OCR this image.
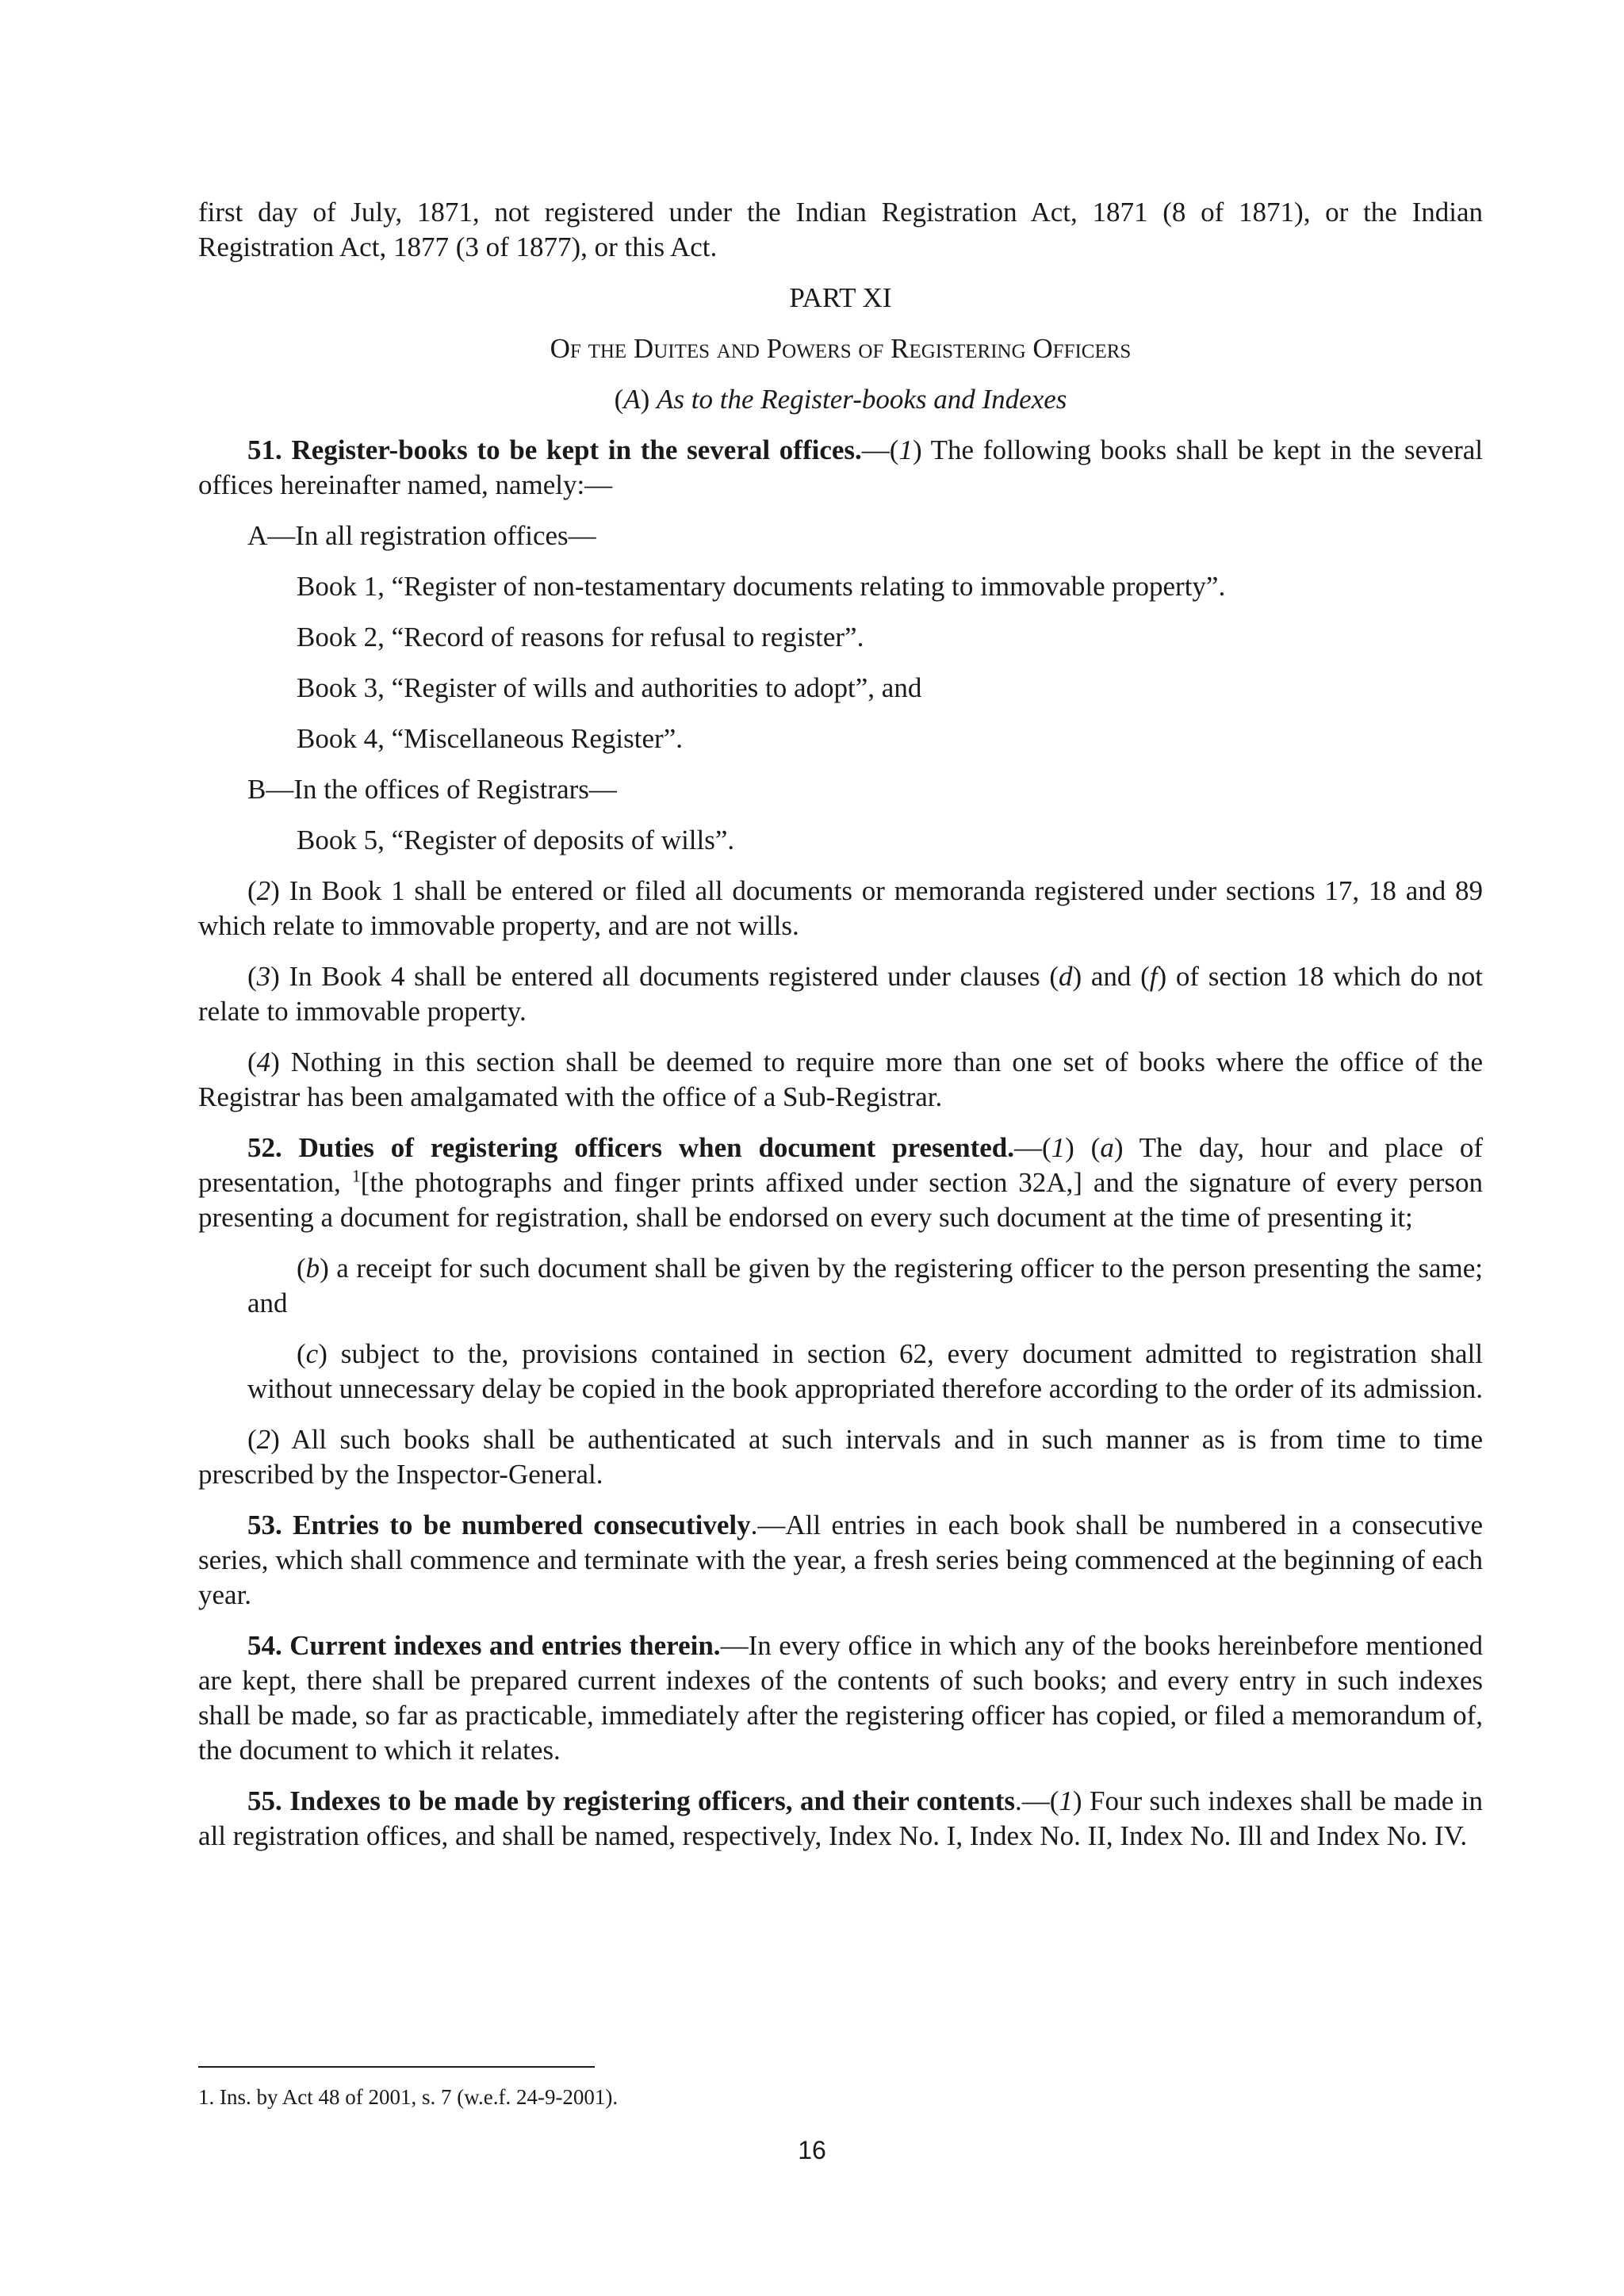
first day of July, 1871, not registered under the Indian Registration Act, 1871 (8 of 1871), or the Indian Registration Act, 1877 (3 of 1877), or this Act.

PART XI

Of the Duites and Powers of Registering Officers

(A) As to the Register-books and Indexes

51. Register-books to be kept in the several offices.—(1) The following books shall be kept in the several offices hereinafter named, namely:—

A—In all registration offices—

Book 1, “Register of non-testamentary documents relating to immovable property”.

Book 2, “Record of reasons for refusal to register”.

Book 3, “Register of wills and authorities to adopt”, and

Book 4, “Miscellaneous Register”.

B—In the offices of Registrars—

Book 5, “Register of deposits of wills”.

(2) In Book 1 shall be entered or filed all documents or memoranda registered under sections 17, 18 and 89 which relate to immovable property, and are not wills.

(3) In Book 4 shall be entered all documents registered under clauses (d) and (f) of section 18 which do not relate to immovable property.

(4) Nothing in this section shall be deemed to require more than one set of books where the office of the Registrar has been amalgamated with the office of a Sub-Registrar.

52. Duties of registering officers when document presented.—(1) (a) The day, hour and place of presentation, $^1$[the photographs and finger prints affixed under section 32A,] and the signature of every person presenting a document for registration, shall be endorsed on every such document at the time of presenting it;

(b) a receipt for such document shall be given by the registering officer to the person presenting the same; and

(c) subject to the, provisions contained in section 62, every document admitted to registration shall without unnecessary delay be copied in the book appropriated therefore according to the order of its admission.

(2) All such books shall be authenticated at such intervals and in such manner as is from time to time prescribed by the Inspector-General.

53. Entries to be numbered consecutively.—All entries in each book shall be numbered in a consecutive series, which shall commence and terminate with the year, a fresh series being commenced at the beginning of each year.

54. Current indexes and entries therein.—In every office in which any of the books hereinbefore mentioned are kept, there shall be prepared current indexes of the contents of such books; and every entry in such indexes shall be made, so far as practicable, immediately after the registering officer has copied, or filed a memorandum of, the document to which it relates.

55. Indexes to be made by registering officers, and their contents.—(1) Four such indexes shall be made in all registration offices, and shall be named, respectively, Index No. I, Index No. II, Index No. Ill and Index No. IV.

1. Ins. by Act 48 of 2001, s. 7 (w.e.f. 24-9-2001).
16
